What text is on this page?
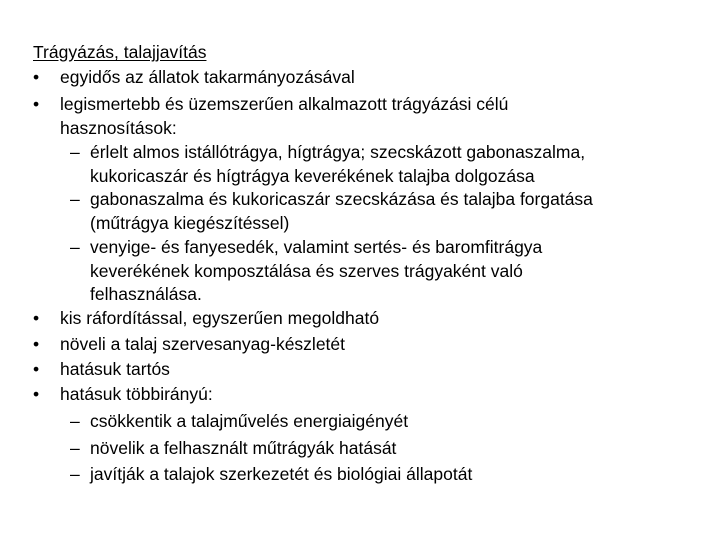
Trágyázás, talajjavítás
• egyidős az állatok takarmányozásával
• legismertebb és üzemszerűen alkalmazott trágyázási célú
hasznosítások:
– érlelt almos istállótrágya, hígtrágya; szecskázott gabonaszalma,
kukoricaszár és hígtrágya keverékének talajba dolgozása
– gabonaszalma és kukoricaszár szecskázása és talajba forgatása
(műtrágya kiegészítéssel)
– venyige- és fanyesedék, valamint sertés- és baromfitrágya
keverékének komposztálása és szerves trágyaként való
felhasználása.
• kis ráfordítással, egyszerűen megoldható
• növeli a talaj szervesanyag-készletét
• hatásuk tartós
• hatásuk többirányú:
– csökkentik a talajművelés energiaigényét
– növelik a felhasznált műtrágyák hatását
– javítják a talajok szerkezetét és biológiai állapotát
